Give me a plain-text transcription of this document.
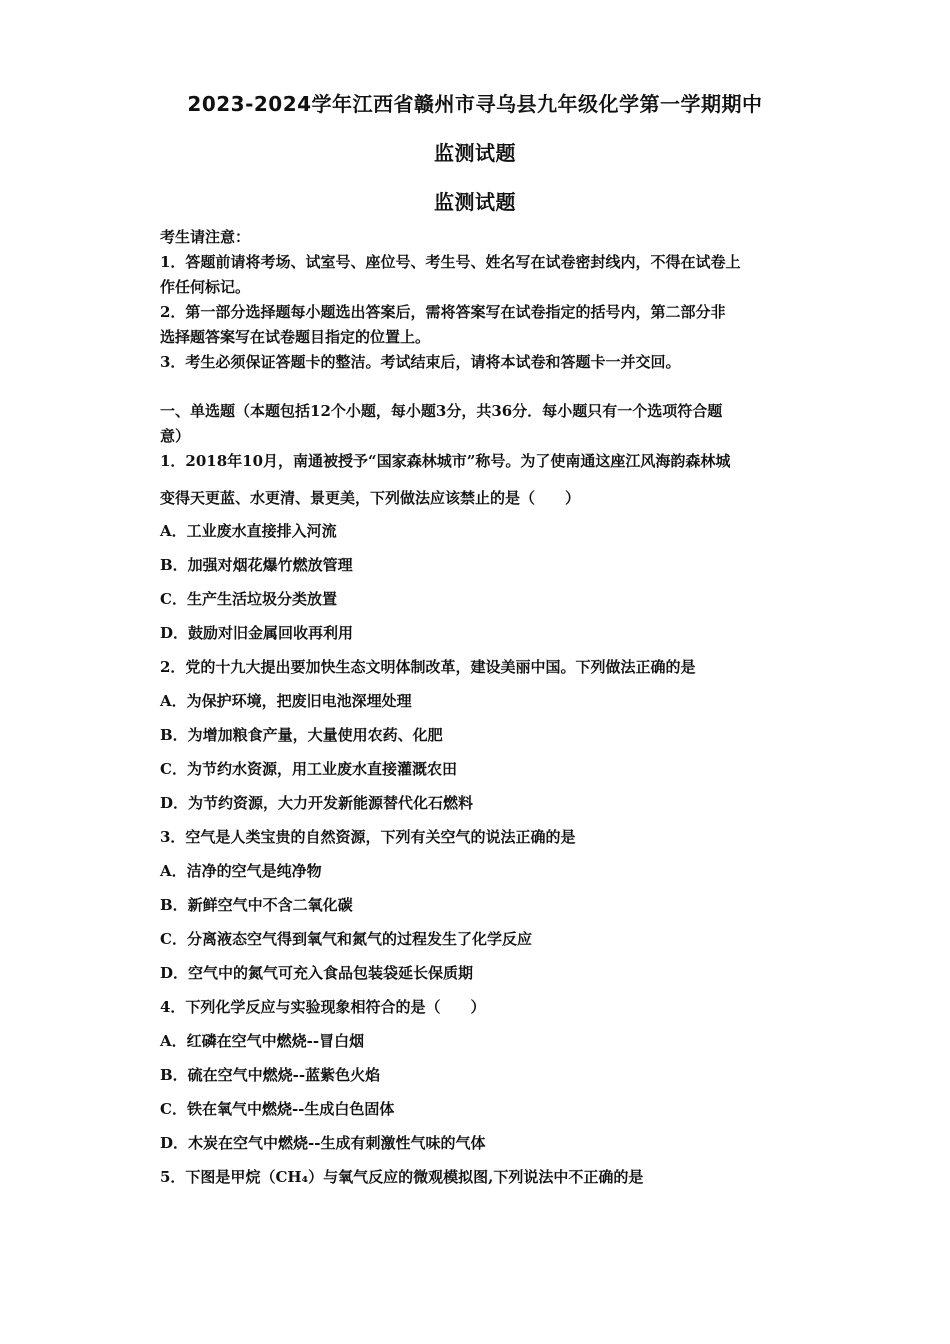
2023-2024学年江西省赣州市寻乌县九年级化学第一学期期中
监测试题
监测试题
考生请注意：
1．答题前请将考场、试室号、座位号、考生号、姓名写在试卷密封线内，不得在试卷上
作任何标记。
2．第一部分选择题每小题选出答案后，需将答案写在试卷指定的括号内，第二部分非
选择题答案写在试卷题目指定的位置上。
3．考生必须保证答题卡的整洁。考试结束后，请将本试卷和答题卡一并交回。
一、单选题（本题包括12个小题，每小题3分，共36分．每小题只有一个选项符合题
意）
1．2018年10月，南通被授予“国家森林城市”称号。为了使南通这座江风海韵森林城
变得天更蓝、水更清、景更美，下列做法应该禁止的是（　　）
A．工业废水直接排入河流
B．加强对烟花爆竹燃放管理
C．生产生活垃圾分类放置
D．鼓励对旧金属回收再利用
2．党的十九大提出要加快生态文明体制改革，建设美丽中国。下列做法正确的是
A．为保护环境，把废旧电池深埋处理
B．为增加粮食产量，大量使用农药、化肥
C．为节约水资源，用工业废水直接灌溉农田
D．为节约资源，大力开发新能源替代化石燃料
3．空气是人类宝贵的自然资源，下列有关空气的说法正确的是
A．洁净的空气是纯净物
B．新鲜空气中不含二氧化碳
C．分离液态空气得到氧气和氮气的过程发生了化学反应
D．空气中的氮气可充入食品包装袋延长保质期
4．下列化学反应与实验现象相符合的是（　　）
A．红磷在空气中燃烧--冒白烟
B．硫在空气中燃烧--蓝紫色火焰
C．铁在氧气中燃烧--生成白色固体
D．木炭在空气中燃烧--生成有刺激性气味的气体
5．下图是甲烷（CH₄）与氧气反应的微观模拟图,下列说法中不正确的是
